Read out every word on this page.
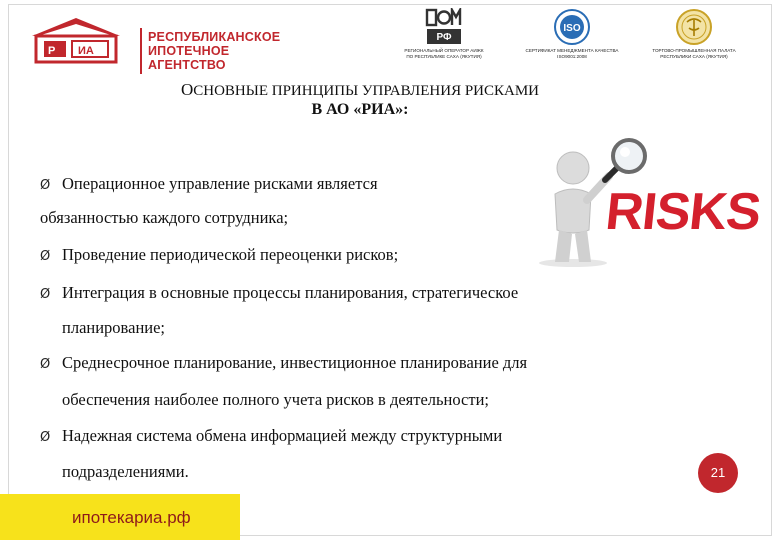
Р ИА
РЕСПУБЛИКАНСКОЕ
ИПОТЕЧНОЕ
АГЕНТСТВО
РФ
РЕГИОНАЛЬНЫЙ ОПЕРАТОР АИЖК
ПО РЕСПУБЛИКЕ САХА (ЯКУТИЯ)
ISO
СЕРТИФИКАТ МЕНЕДЖМЕНТА КАЧЕСТВА
ISO9001:2008
ТОРГОВО-ПРОМЫШЛЕННАЯ ПАЛАТА
РЕСПУБЛИКИ САХА (ЯКУТИЯ)
ОСНОВНЫЕ ПРИНЦИПЫ УПРАВЛЕНИЯ РИСКАМИ
В АО «РИА»:
RISKS
Ø Операционное управление рисками является
обязанностью каждого сотрудника;
Ø Проведение периодической переоценки рисков;
Ø Интеграция в основные процессы планирования, стратегическое
планирование;
Ø Среднесрочное планирование, инвестиционное планирование для
обеспечения наиболее полного учета рисков в деятельности;
Ø Надежная система обмена информацией между структурными
подразделениями.	21
ипотекариа.рф
